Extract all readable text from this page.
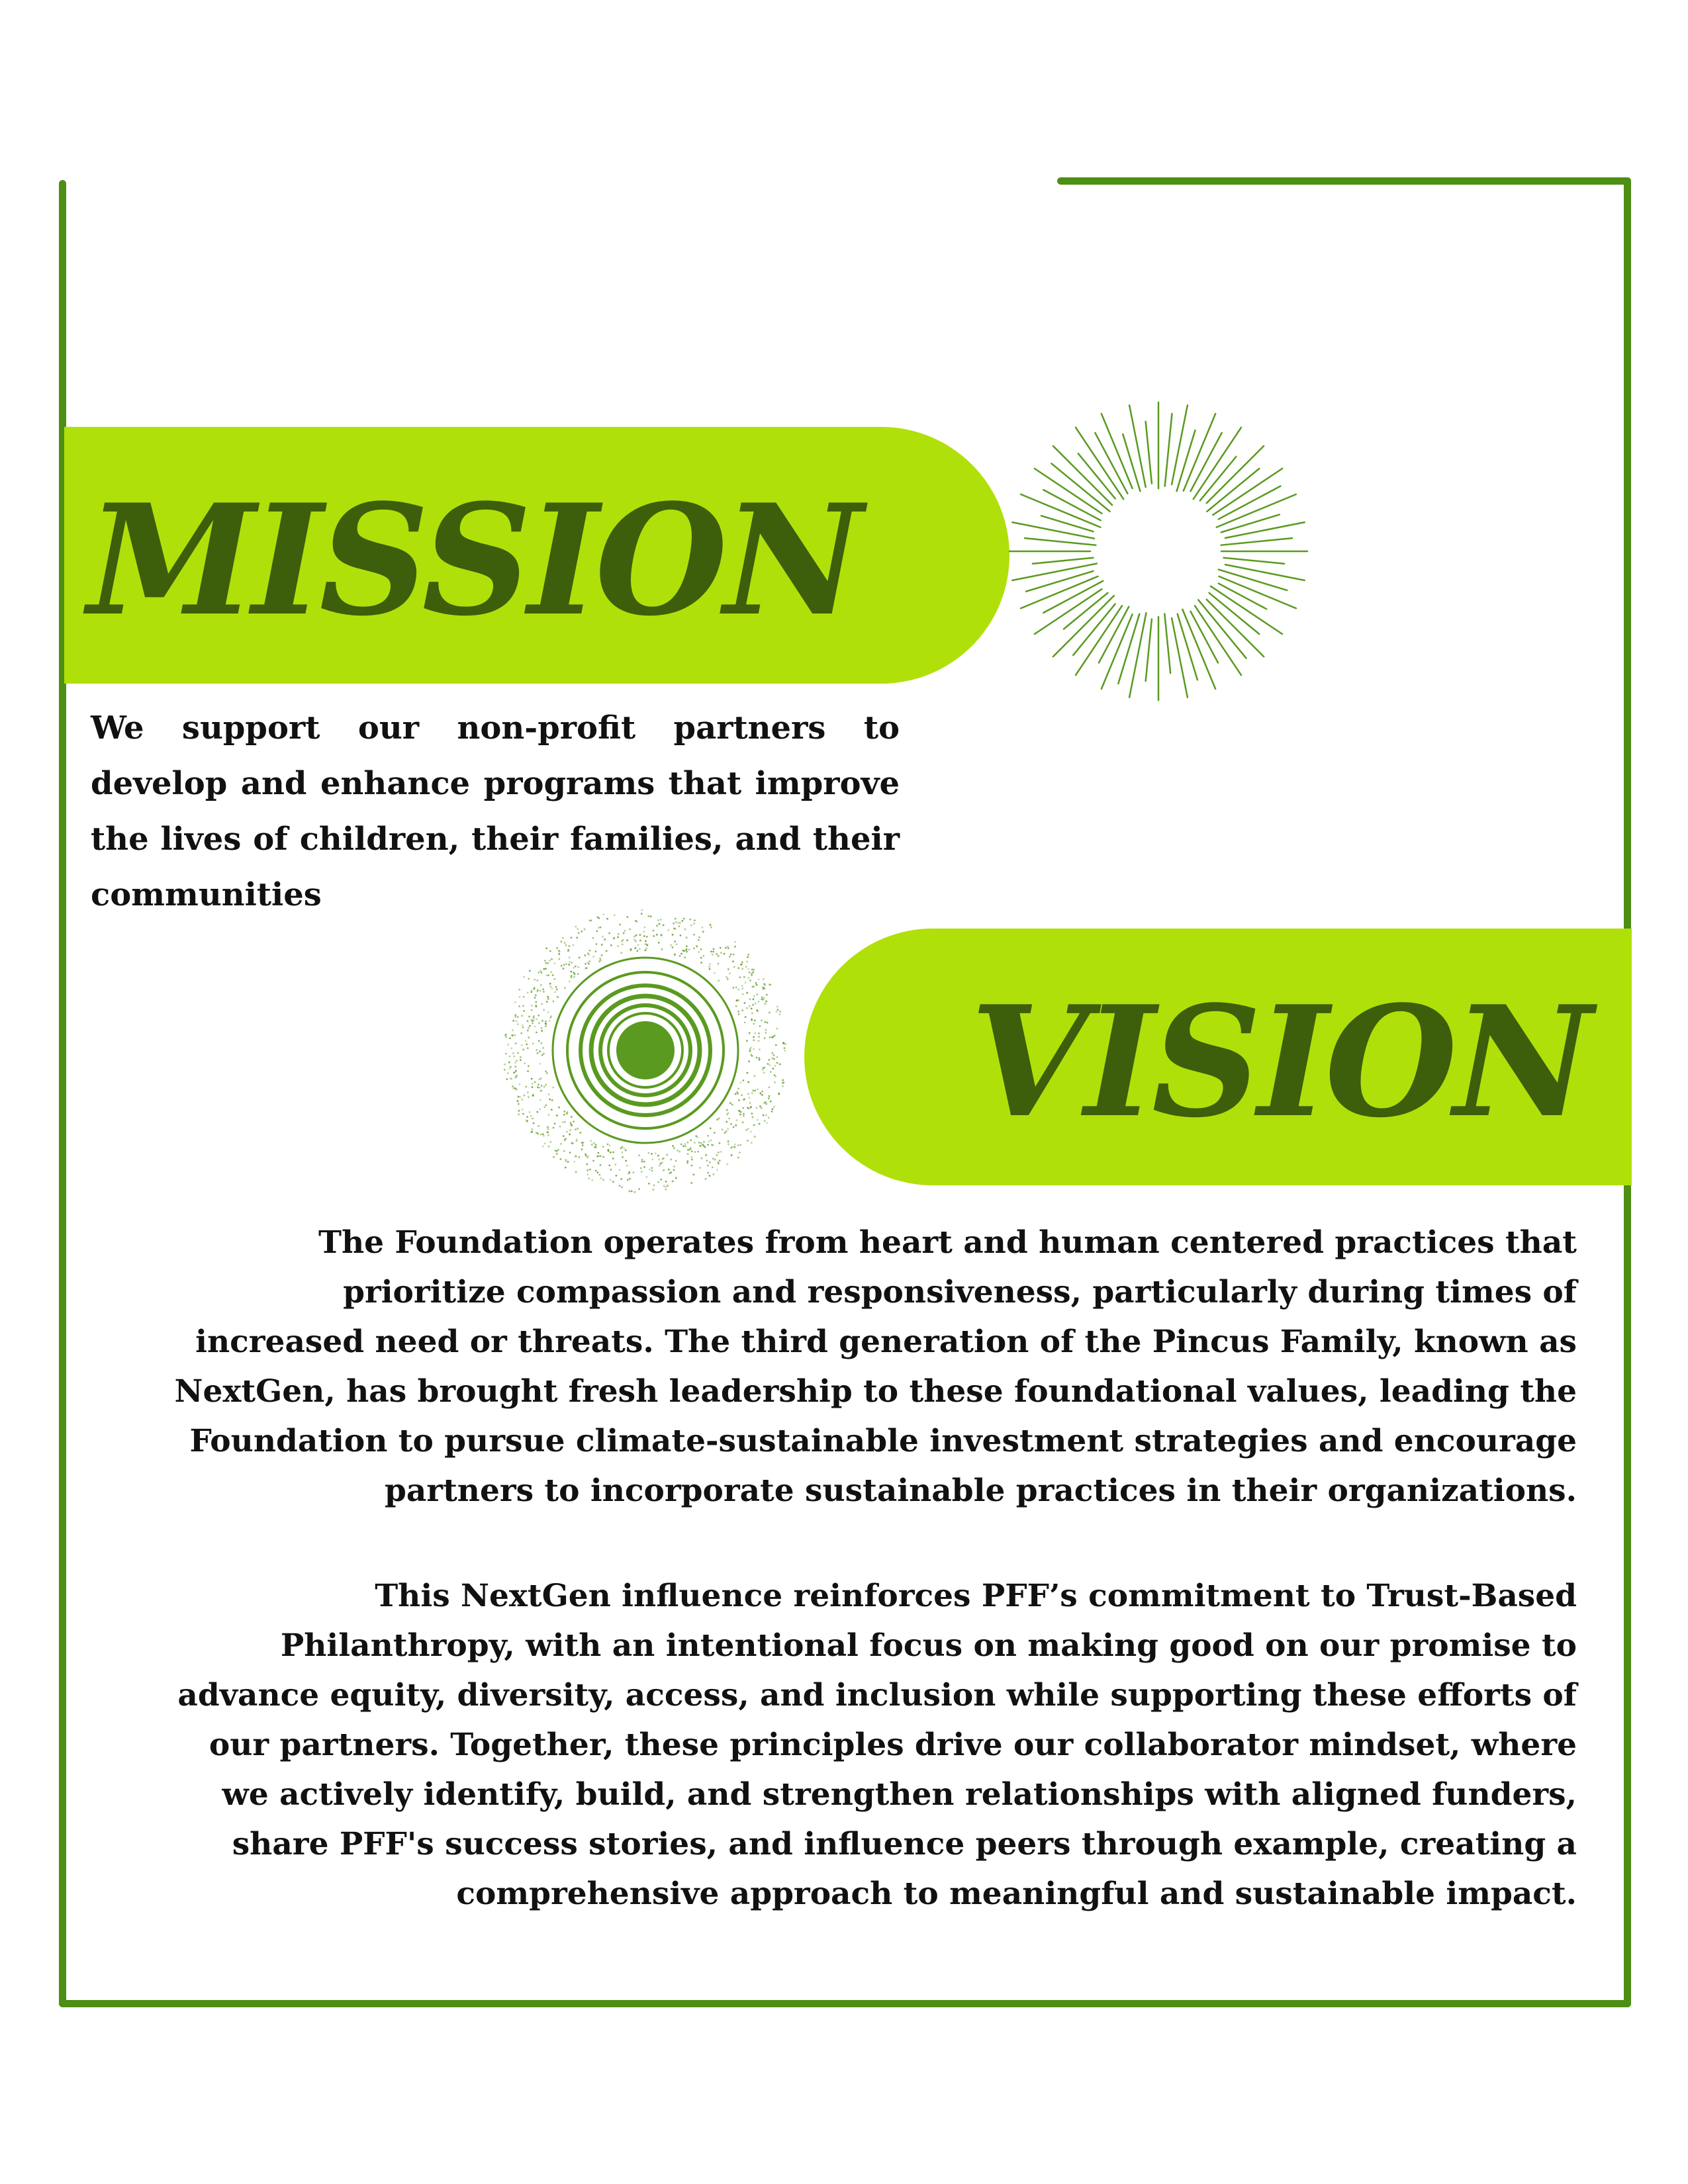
MISSION

We support our non-profit partners to develop and enhance programs that improve the lives of children, their families, and their communities

VISION

The Foundation operates from heart and human centered practices that prioritize compassion and responsiveness, particularly during times of increased need or threats. The third generation of the Pincus Family, known as NextGen, has brought fresh leadership to these foundational values, leading the Foundation to pursue climate-sustainable investment strategies and encourage partners to incorporate sustainable practices in their organizations.

This NextGen influence reinforces PFF’s commitment to Trust-Based Philanthropy, with an intentional focus on making good on our promise to advance equity, diversity, access, and inclusion while supporting these efforts of our partners. Together, these principles drive our collaborator mindset, where we actively identify, build, and strengthen relationships with aligned funders, share PFF's success stories, and influence peers through example, creating a comprehensive approach to meaningful and sustainable impact.
